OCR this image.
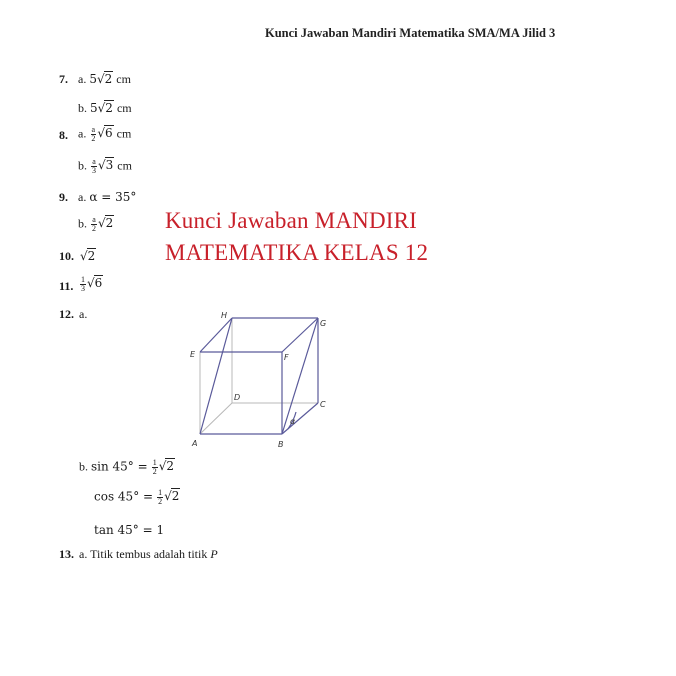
Kunci Jawaban Mandiri Matematika SMA/MA Jilid 3
Kunci Jawaban MANDIRI
MATEMATIKA KELAS 12
7. a. 5√2 cm
b. 5√2 cm
8. a. $\frac{a}{2} √6$ cm
b. $\frac{a}{3} √3$ cm
9. a. α = 35°
b. $\frac{a}{2} √2$
10. √2
11. $\frac{1}{3} √6$
12. a.	H
G
E	F
D
C
A	B
α
b. $\sin 45^\circ = \frac{1}{2} √2$
$\cos 45^\circ = \frac{1}{2} √2$
tan 45° = 1
13. a. Titik tembus adalah titik P
